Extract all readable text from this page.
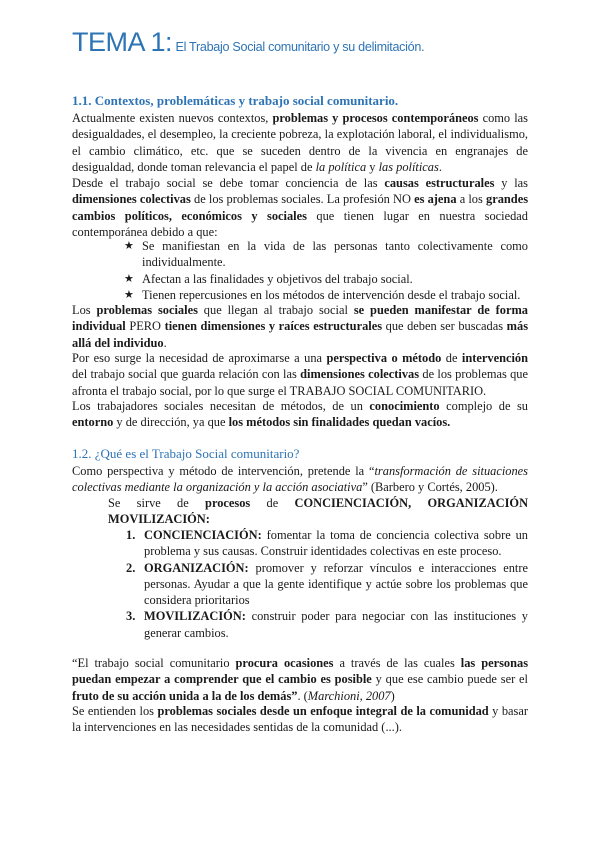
TEMA 1: El Trabajo Social comunitario y su delimitación.
1.1. Contextos, problemáticas y trabajo social comunitario.

Actualmente existen nuevos contextos, problemas y procesos contemporáneos como las desigualdades, el desempleo, la creciente pobreza, la explotación laboral, el individualismo, el cambio climático, etc. que se suceden dentro de la vivencia en engranajes de desigualdad, donde toman relevancia el papel de la política y las políticas.

Desde el trabajo social se debe tomar conciencia de las causas estructurales y las dimensiones colectivas de los problemas sociales. La profesión NO es ajena a los grandes cambios políticos, económicos y sociales que tienen lugar en nuestra sociedad contemporánea debido a que:

★ Se manifiestan en la vida de las personas tanto colectivamente como individualmente.
★ Afectan a las finalidades y objetivos del trabajo social.
★ Tienen repercusiones en los métodos de intervención desde el trabajo social.

Los problemas sociales que llegan al trabajo social se pueden manifestar de forma individual PERO tienen dimensiones y raíces estructurales que deben ser buscadas más allá del individuo.

Por eso surge la necesidad de aproximarse a una perspectiva o método de intervención del trabajo social que guarda relación con las dimensiones colectivas de los problemas que afronta el trabajo social, por lo que surge el TRABAJO SOCIAL COMUNITARIO.

Los trabajadores sociales necesitan de métodos, de un conocimiento complejo de su entorno y de dirección, ya que los métodos sin finalidades quedan vacíos.

1.2. ¿Qué es el Trabajo Social comunitario?

Como perspectiva y método de intervención, pretende la “transformación de situaciones colectivas mediante la organización y la acción asociativa” (Barbero y Cortés, 2005).

Se sirve de procesos de CONCIENCIACIÓN, ORGANIZACIÓN MOVILIZACIÓN:

1. CONCIENCIACIÓN: fomentar la toma de conciencia colectiva sobre un problema y sus causas. Construir identidades colectivas en este proceso.
2. ORGANIZACIÓN: promover y reforzar vínculos e interacciones entre personas. Ayudar a que la gente identifique y actúe sobre los problemas que considera prioritarios
3. MOVILIZACIÓN: construir poder para negociar con las instituciones y generar cambios.

“El trabajo social comunitario procura ocasiones a través de las cuales las personas puedan empezar a comprender que el cambio es posible y que ese cambio puede ser el fruto de su acción unida a la de los demás”. (Marchioni, 2007)

Se entienden los problemas sociales desde un enfoque integral de la comunidad y basar la intervenciones en las necesidades sentidas de la comunidad (...).
